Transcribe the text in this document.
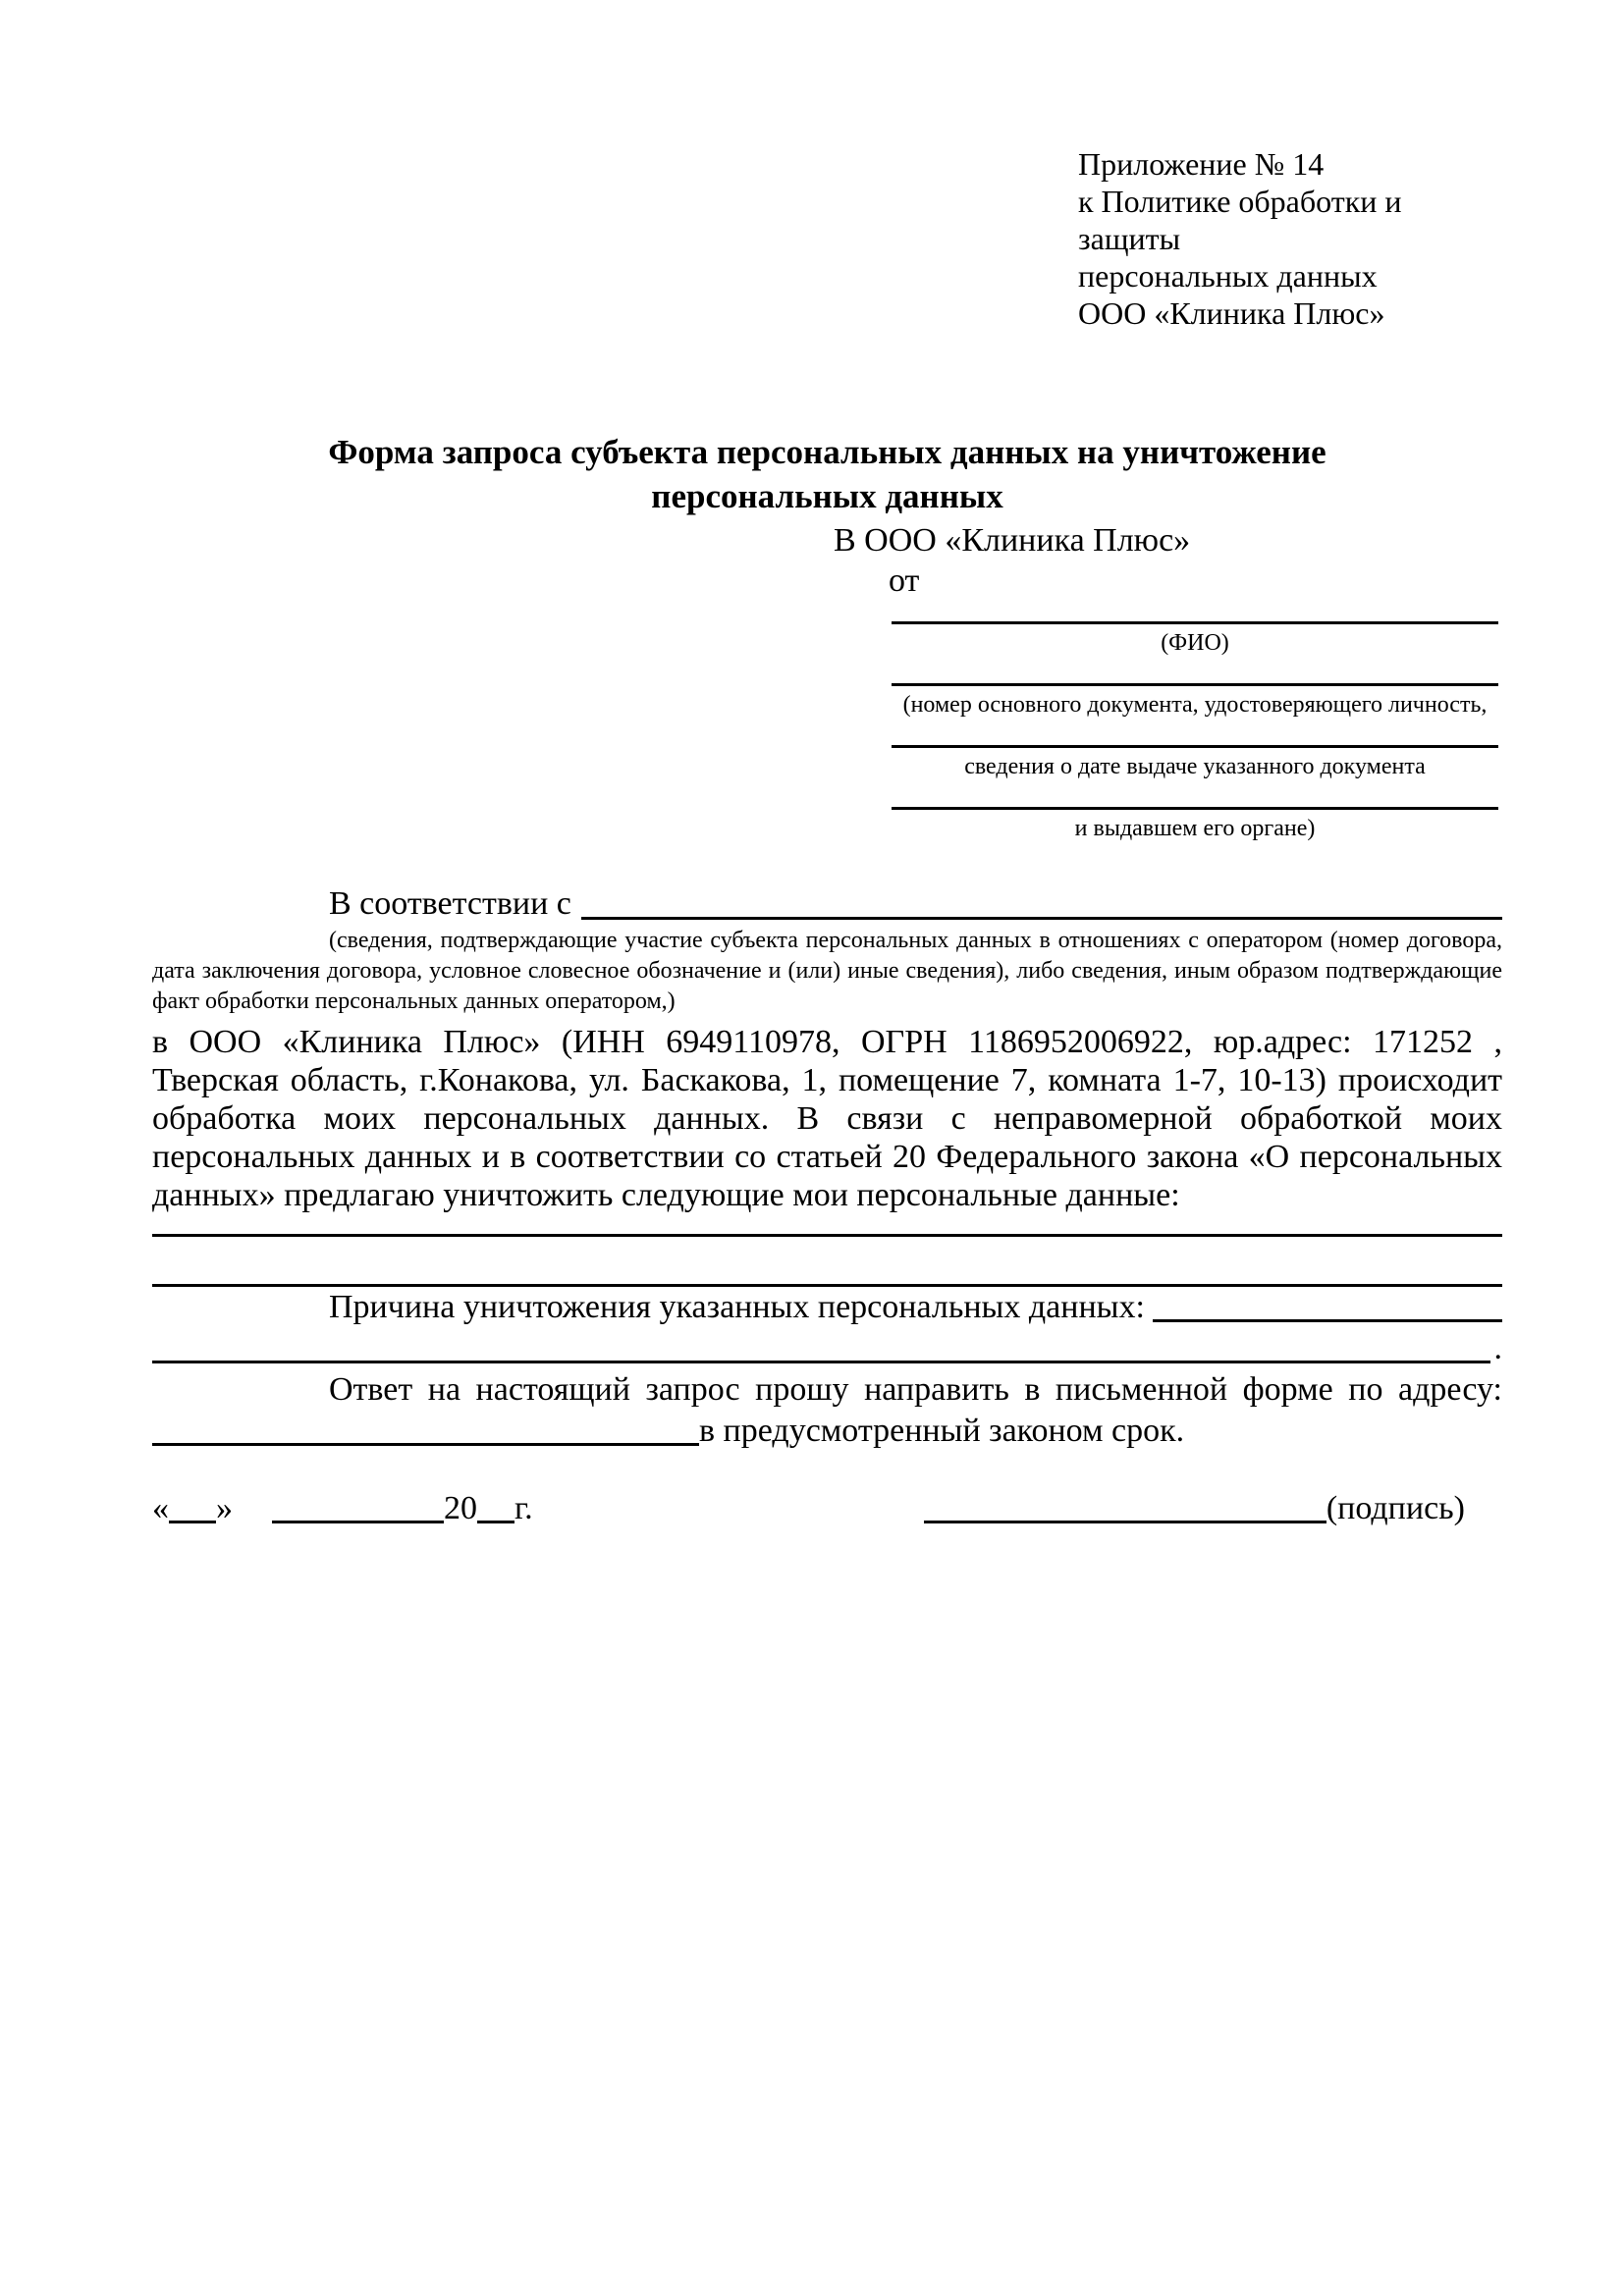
Приложение № 14
к Политике обработки и защиты
персональных данных
ООО «Клиника Плюс»
Форма запроса субъекта персональных данных на уничтожение персональных данных
В ООО «Клиника Плюс»
от
(ФИО)
(номер основного документа, удостоверяющего личность,
сведения о дате выдаче указанного документа
и выдавшем его органе)
В соответствии с
(сведения, подтверждающие участие субъекта персональных данных в отношениях с оператором (номер договора, дата заключения договора, условное словесное обозначение и (или) иные сведения), либо сведения, иным образом подтверждающие факт обработки персональных данных оператором,)
в ООО «Клиника Плюс» (ИНН 6949110978, ОГРН 1186952006922, юр.адрес: 171252 , Тверская область, г.Конакова, ул. Баскакова, 1, помещение 7, комната 1-7, 10-13) происходит обработка моих персональных данных. В связи с неправомерной обработкой моих персональных данных и в соответствии со статьей 20 Федерального закона «О персональных данных» предлагаю уничтожить следующие мои персональные данные:
Причина уничтожения указанных персональных данных:
.
Ответ на настоящий запрос прошу направить в письменной форме по адресу:
в предусмотренный законом срок.
« »	20 г.	(подпись)
